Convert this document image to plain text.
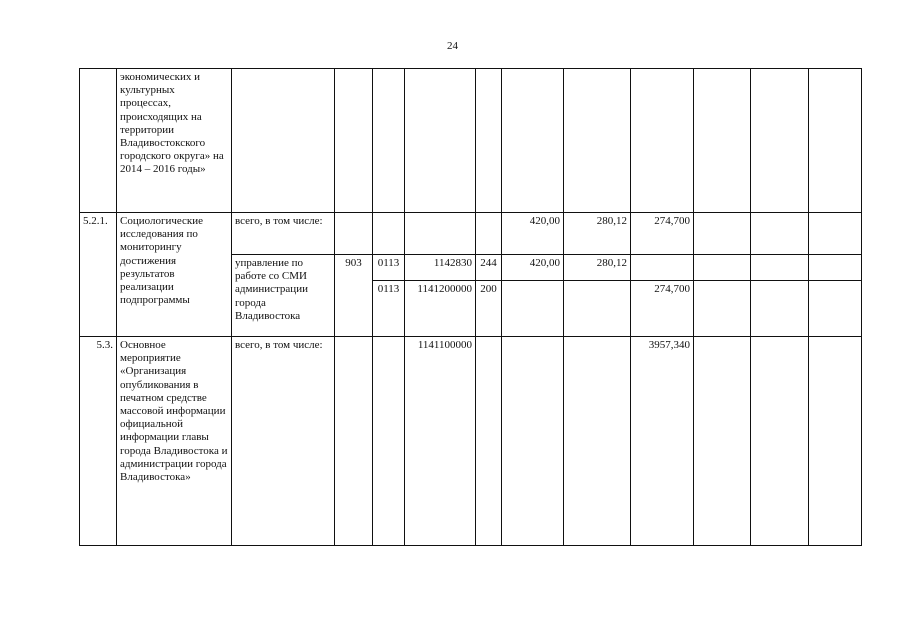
24
	экономических и культурных процессах, происходящих на территории Владивостокского городского округа» на 2014 – 2016 годы»											
5.2.1.	Социологические исследования по мониторингу достижения результатов реализации подпрограммы	всего, в том числе:					420,00	280,12	274,700			
		управление по работе со СМИ администрации города Владивостока	903	0113	1142830	244	420,00	280,12				
				0113	1141200000	200			274,700			
5.3.	Основное мероприятие «Организация опубликования в печатном средстве массовой информации официальной информации главы города Владивостока и администрации города Владивостока»	всего, в том числе:			1141100000				3957,340			
